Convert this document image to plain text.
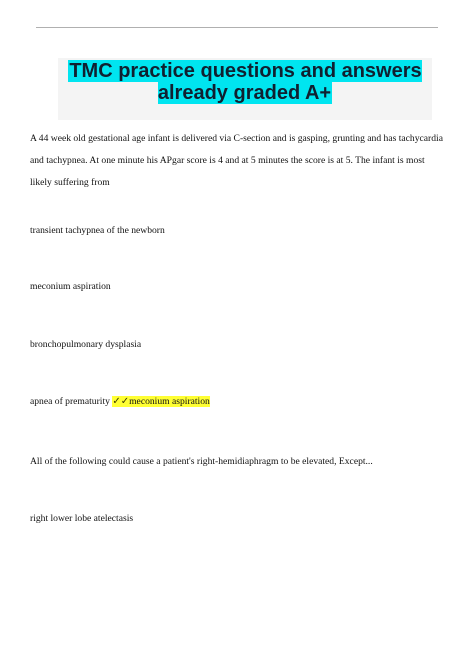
TMC practice questions and answers already graded A+

A 44 week old gestational age infant is delivered via C-section and is gasping, grunting and has tachycardia and tachypnea. At one minute his APgar score is 4 and at 5 minutes the score is at 5. The infant is most likely suffering from

transient tachypnea of the newborn

meconium aspiration

bronchopulmonary dysplasia

apnea of prematurity ✓✓meconium aspiration

All of the following could cause a patient's right-hemidiaphragm to be elevated, Except...

right lower lobe atelectasis
